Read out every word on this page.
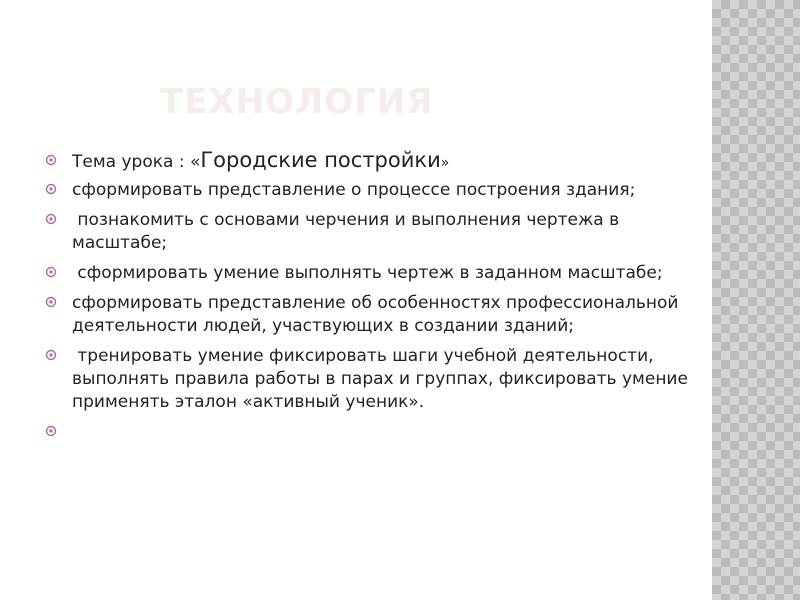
ТЕХНОЛОГИЯ
Тема урока : «Городские постройки»
сформировать представление о процессе построения здания;
познакомить с основами черчения и выполнения чертежа в масштабе;
сформировать умение выполнять чертеж в заданном масштабе;
сформировать представление об особенностях профессиональной деятельности людей, участвующих в создании зданий;
тренировать умение фиксировать шаги учебной деятельности, выполнять правила работы в парах и группах, фиксировать умение применять эталон «активный ученик».
